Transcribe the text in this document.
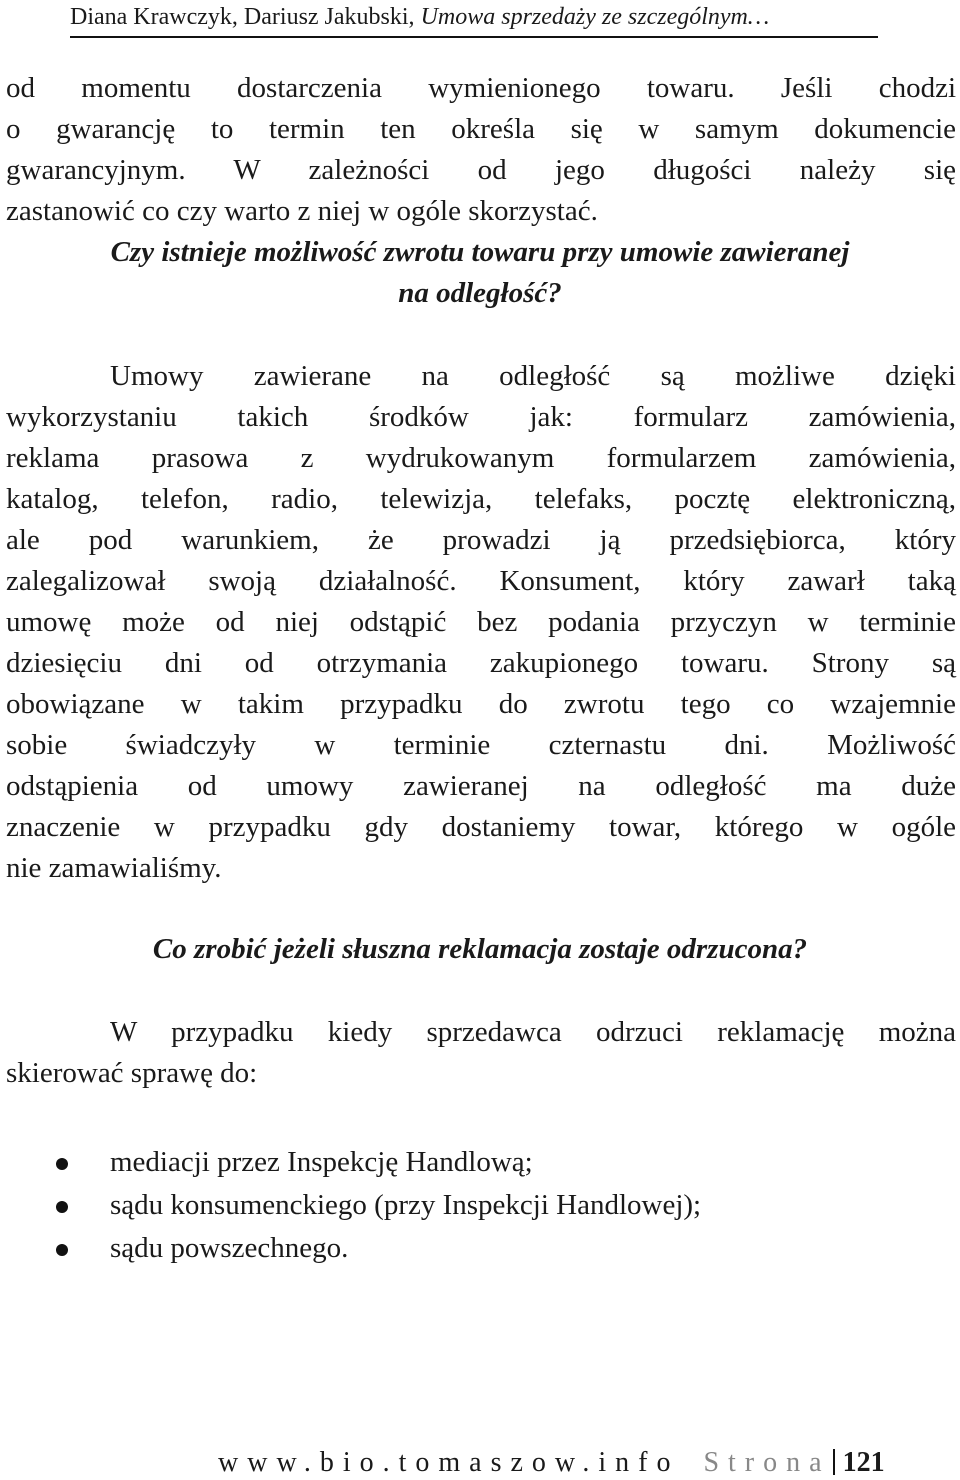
Diana Krawczyk, Dariusz Jakubski, Umowa sprzedaży ze szczególnym…
od momentu dostarczenia wymienionego towaru. Jeśli chodzi
o gwarancję to termin ten określa się w samym dokumencie
gwarancyjnym. W zależności od jego długości należy się
zastanowić co czy warto z niej w ogóle skorzystać.
Czy istnieje możliwość zwrotu towaru przy umowie zawieranej
na odległość?
Umowy zawierane na odległość są możliwe dzięki
wykorzystaniu takich środków jak: formularz zamówienia,
reklama prasowa z wydrukowanym formularzem zamówienia,
katalog, telefon, radio, telewizja, telefaks, pocztę elektroniczną,
ale pod warunkiem, że prowadzi ją przedsiębiorca, który
zalegalizował swoją działalność. Konsument, który zawarł taką
umowę może od niej odstąpić bez podania przyczyn w terminie
dziesięciu dni od otrzymania zakupionego towaru. Strony są
obowiązane w takim przypadku do zwrotu tego co wzajemnie
sobie świadczyły w terminie czternastu dni. Możliwość
odstąpienia od umowy zawieranej na odległość ma duże
znaczenie w przypadku gdy dostaniemy towar, którego w ogóle
nie zamawialiśmy.
Co zrobić jeżeli słuszna reklamacja zostaje odrzucona?
W przypadku kiedy sprzedawca odrzuci reklamację można
skierować sprawę do:
mediacji przez Inspekcję Handlową;
sądu konsumenckiego (przy Inspekcji Handlowej);
sądu powszechnego.
www.bio.tomaszow.info Strona 121
